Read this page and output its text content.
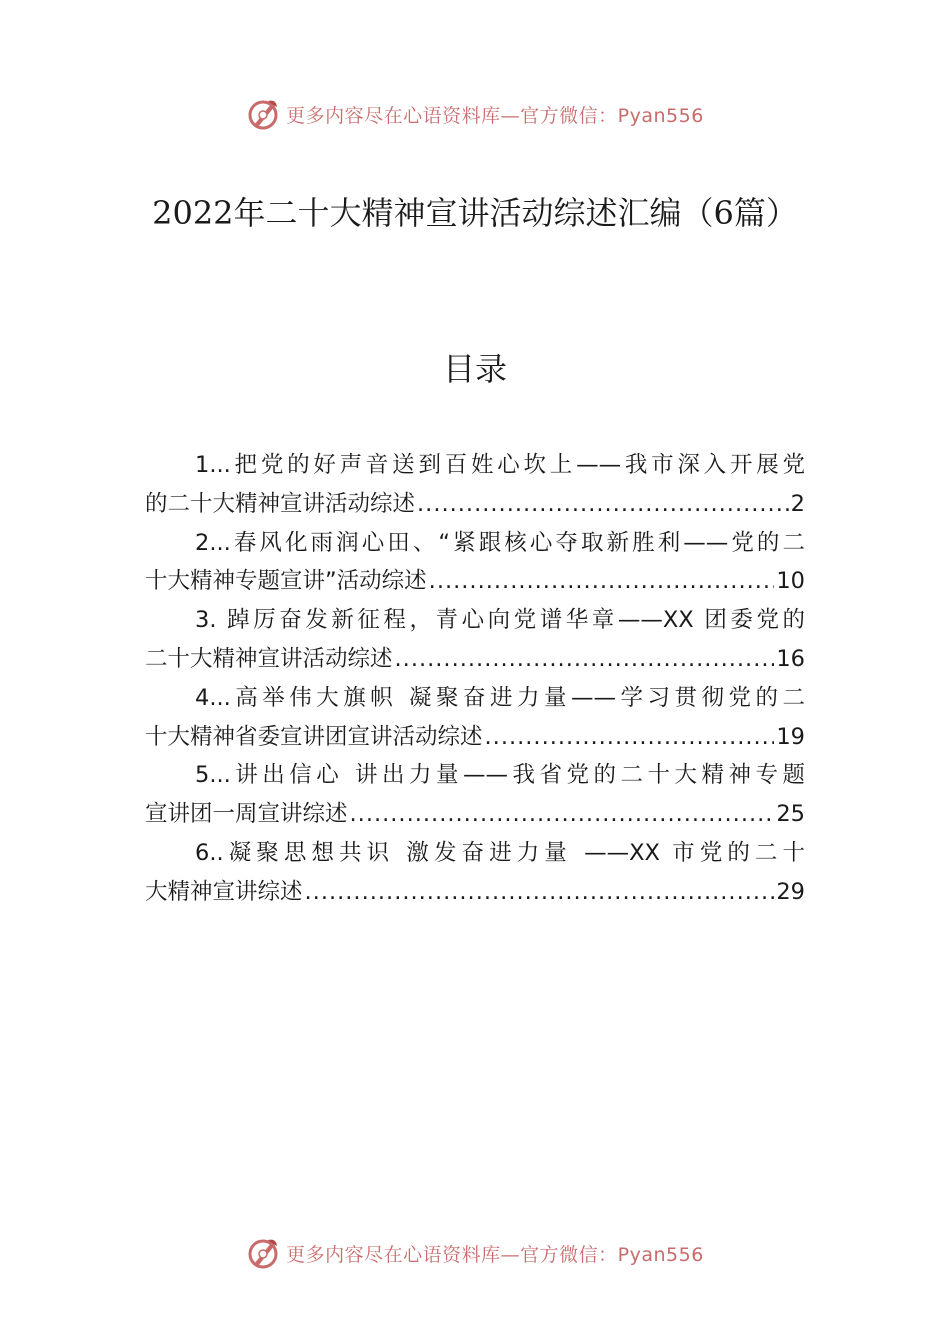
更多内容尽在心语资料库—官方微信：Pyan556
2022年二十大精神宣讲活动综述汇编（6篇）
目录
1...把党的好声音送到百姓心坎上——我市深入开展党
的二十大精神宣讲活动综述 .....	2
2...春风化雨润心田、“紧跟核心夺取新胜利——党的二
十大精神专题宣讲”活动综述 .....	10
3. 踔厉奋发新征程，青心向党谱华章——XX 团委党的
二十大精神宣讲活动综述 .....	16
4...高举伟大旗帜 凝聚奋进力量——学习贯彻党的二
十大精神省委宣讲团宣讲活动综述 .....	19
5...讲出信心 讲出力量——我省党的二十大精神专题
宣讲团一周宣讲综述 .....	25
6..凝聚思想共识 激发奋进力量 ——XX 市党的二十
大精神宣讲综述 .....	29
更多内容尽在心语资料库—官方微信：Pyan556
